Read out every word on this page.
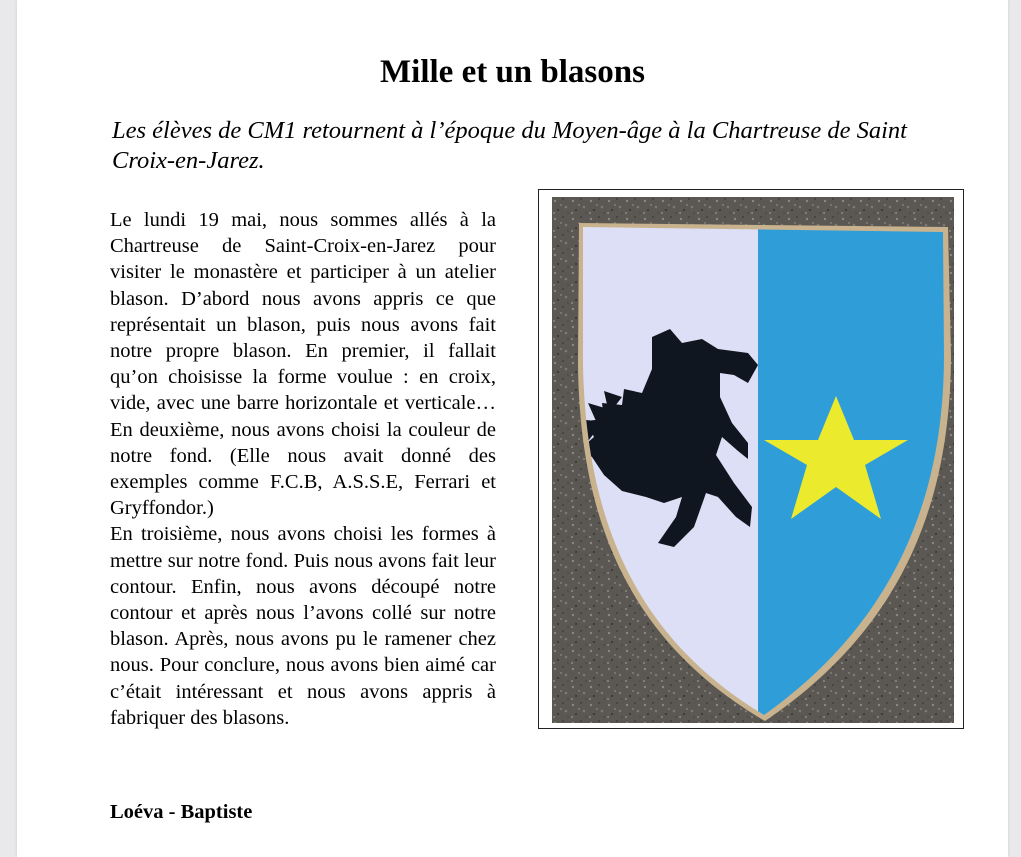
Mille et un blasons

Les élèves de CM1 retournent à l’époque du Moyen-âge à la Chartreuse de Saint Croix-en-Jarez.

Le lundi 19 mai, nous sommes allés à la Chartreuse de Saint-Croix-en-Jarez pour visiter le monastère et participer à un atelier blason. D’abord nous avons appris ce que représentait un blason, puis nous avons fait notre propre blason. En premier, il fallait qu’on choisisse la forme voulue : en croix, vide, avec une barre horizontale et verticale… En deuxième, nous avons choisi la couleur de notre fond. (Elle nous avait donné des exemples comme F.C.B, A.S.S.E, Ferrari et Gryffondor.)

En troisième, nous avons choisi les formes à mettre sur notre fond. Puis nous avons fait leur contour. Enfin, nous avons découpé notre contour et après nous l’avons collé sur notre blason. Après, nous avons pu le ramener chez nous. Pour conclure, nous avons bien aimé car c’était intéressant et nous avons appris à fabriquer des blasons.

Loéva - Baptiste
